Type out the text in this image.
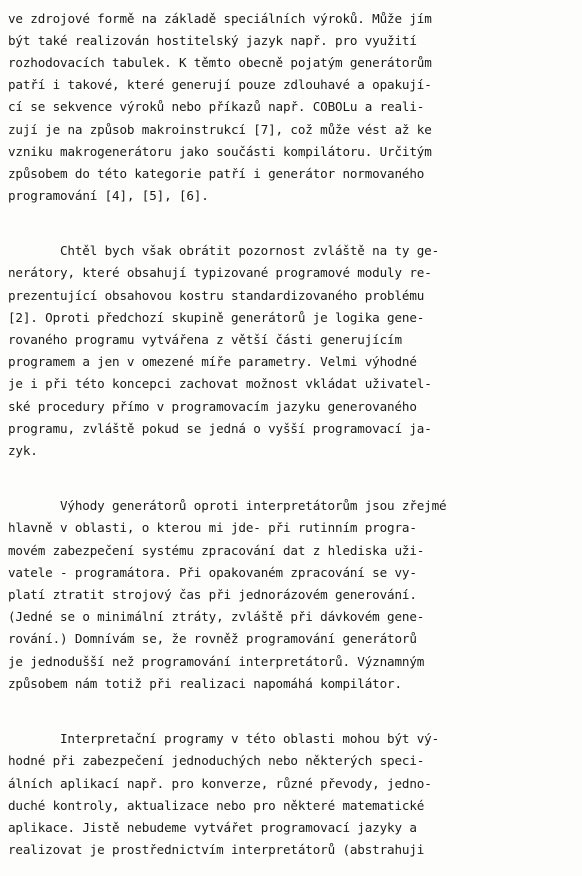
ve zdrojové formě na základě speciálních výroků. Může jím
být také realizován hostitelský jazyk např. pro využití
rozhodovacích tabulek. K těmto obecně pojatým generátorům
patří i takové, které generují pouze zdlouhavé a opakují-
cí se sekvence výroků nebo příkazů např. COBOLu a reali-
zují je na způsob makroinstrukcí [7], což může vést až ke
vzniku makrogenerátoru jako součásti kompilátoru. Určitým
způsobem do této kategorie patří i generátor normovaného
programování [4], [5], [6].
Chtěl bych však obrátit pozornost zvláště na ty ge-
nerátory, které obsahují typizované programové moduly re-
prezentující obsahovou kostru standardizovaného problému
[2]. Oproti předchozí skupině generátorů je logika gene-
rovaného programu vytvářena z větší části generujícím
programem a jen v omezené míře parametry. Velmi výhodné
je i při této koncepci zachovat možnost vkládat uživatel-
ské procedury přímo v programovacím jazyku generovaného
programu, zvláště pokud se jedná o vyšší programovací ja-
zyk.
Výhody generátorů oproti interpretátorům jsou zřejmé
hlavně v oblasti, o kterou mi jde- při rutinním progra-
movém zabezpečení systému zpracování dat z hlediska uži-
vatele - programátora. Při opakovaném zpracování se vy-
platí ztratit strojový čas při jednorázovém generování.
(Jedné se o minimální ztráty, zvláště při dávkovém gene-
rování.) Domnívám se, že rovněž programování generátorů
je jednodušší než programování interpretátorů. Významným
způsobem nám totiž při realizaci napomáhá kompilátor.
Interpretační programy v této oblasti mohou být vý-
hodné při zabezpečení jednoduchých nebo některých speci-
álních aplikací např. pro konverze, různé převody, jedno-
duché kontroly, aktualizace nebo pro některé matematické
aplikace. Jistě nebudeme vytvářet programovací jazyky a
realizovat je prostřednictvím interpretátorů (abstrahuji
